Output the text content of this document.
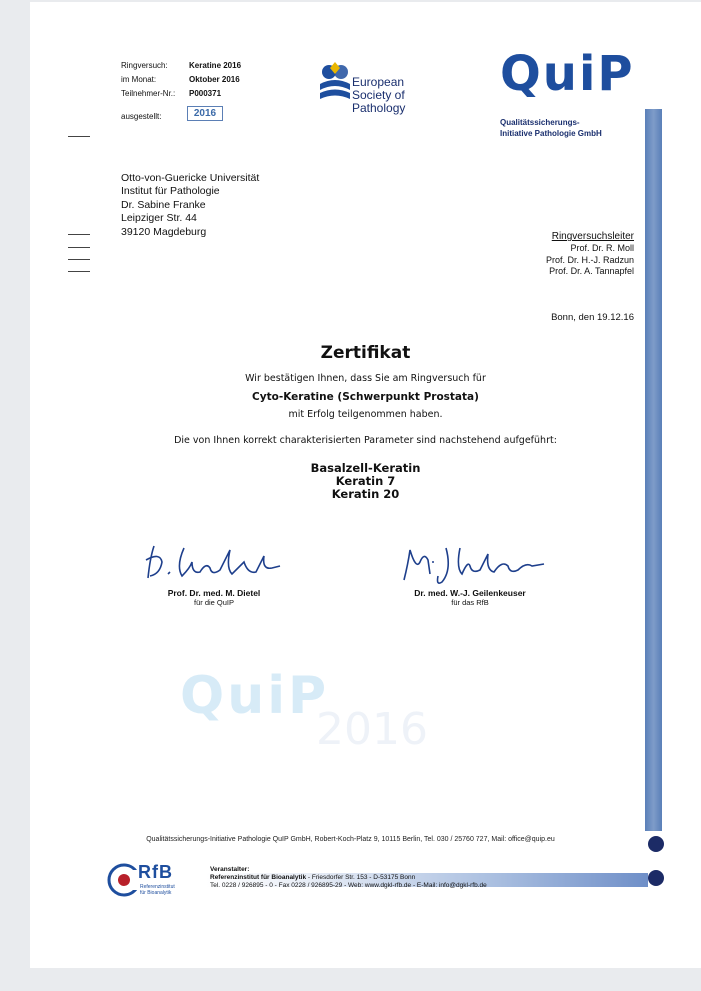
Ringversuch:	Keratine 2016
im Monat:	Oktober 2016
Teilnehmer-Nr.:	P000371
ausgestellt:	2016
European
Society of
Pathology
QuiP
Qualitätssicherungs-
Initiative Pathologie GmbH
Otto-von-Guericke Universität
Institut für Pathologie
Dr. Sabine Franke
Leipziger Str. 44
39120 Magdeburg	Ringversuchsleiter
Prof. Dr. R. Moll
Prof. Dr. H.-J. Radzun
Prof. Dr. A. Tannapfel
Bonn, den 19.12.16
Zertifikat
Wir bestätigen Ihnen, dass Sie am Ringversuch für
Cyto-Keratine (Schwerpunkt Prostata)
mit Erfolg teilgenommen haben.
Die von Ihnen korrekt charakterisierten Parameter sind nachstehend aufgeführt:
Basalzell-Keratin
Keratin 7
Keratin 20
Prof. Dr. med. M. Dietel
für die QuIP
Dr. med. W.-J. Geilenkeuser
für das RfB
QuiP
2016
Qualitätssicherungs-Initiative Pathologie QuIP GmbH, Robert-Koch-Platz 9, 10115 Berlin, Tel. 030 / 25760 727, Mail: office@quip.eu
RfB
Referenzinstitut
für Bioanalytik
Veranstalter:
Referenzinstitut für Bioanalytik - Friesdorfer Str. 153 - D-53175 Bonn
Tel. 0228 / 926895 - 0 - Fax 0228 / 926895-29 - Web: www.dgkl-rfb.de - E-Mail: info@dgkl-rfb.de
